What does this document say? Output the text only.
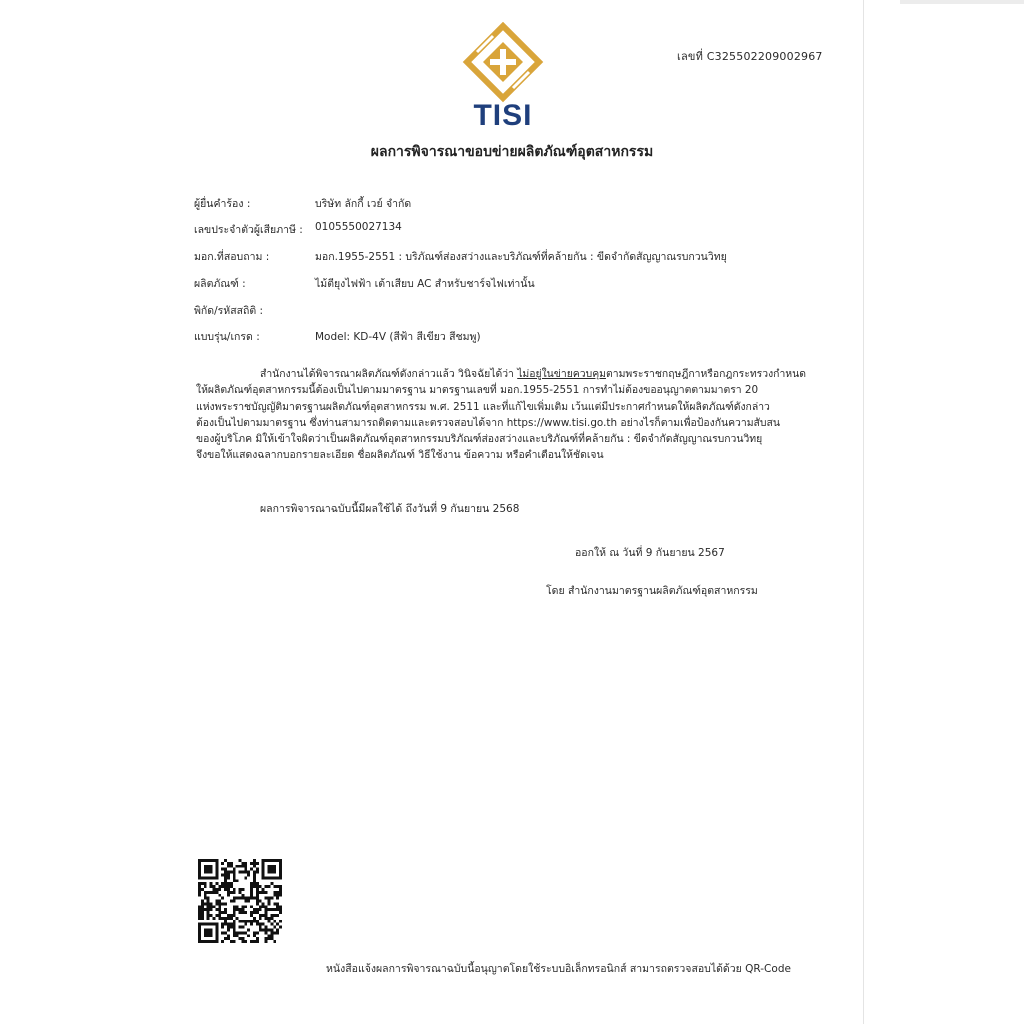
TISI
เลขที่ C325502209002967
ผลการพิจารณาขอบข่ายผลิตภัณฑ์อุตสาหกรรม
ผู้ยื่นคำร้อง :	บริษัท ลักกี้ เวย์ จำกัด
เลขประจำตัวผู้เสียภาษี : 0105550027134
มอก.ที่สอบถาม :	มอก.1955-2551 : บริภัณฑ์ส่องสว่างและบริภัณฑ์ที่คล้ายกัน : ขีดจำกัดสัญญาณรบกวนวิทยุ
ผลิตภัณฑ์ :	ไม้ตียุงไฟฟ้า เต้าเสียบ AC สำหรับชาร์จไฟเท่านั้น
พิกัด/รหัสสถิติ :
แบบรุ่น/เกรด :	Model: KD-4V (สีฟ้า สีเขียว สีชมพู)
สำนักงานได้พิจารณาผลิตภัณฑ์ดังกล่าวแล้ว วินิจฉัยได้ว่า ไม่อยู่ในข่ายควบคุมตามพระราชกฤษฎีกาหรือกฎกระทรวงกำหนด
ให้ผลิตภัณฑ์อุตสาหกรรมนี้ต้องเป็นไปตามมาตรฐาน มาตรฐานเลขที่ มอก.1955-2551 การทำไม่ต้องขออนุญาตตามมาตรา 20
แห่งพระราชบัญญัติมาตรฐานผลิตภัณฑ์อุตสาหกรรม พ.ศ. 2511 และที่แก้ไขเพิ่มเติม เว้นแต่มีประกาศกำหนดให้ผลิตภัณฑ์ดังกล่าว
ต้องเป็นไปตามมาตรฐาน ซึ่งท่านสามารถติดตามและตรวจสอบได้จาก https://www.tisi.go.th อย่างไรก็ตามเพื่อป้องกันความสับสน
ของผู้บริโภค มิให้เข้าใจผิดว่าเป็นผลิตภัณฑ์อุตสาหกรรมบริภัณฑ์ส่องสว่างและบริภัณฑ์ที่คล้ายกัน : ขีดจำกัดสัญญาณรบกวนวิทยุ
จึงขอให้แสดงฉลากบอกรายละเอียด ชื่อผลิตภัณฑ์ วิธีใช้งาน ข้อความ หรือคำเตือนให้ชัดเจน
ผลการพิจารณาฉบับนี้มีผลใช้ได้ ถึงวันที่ 9 กันยายน 2568
ออกให้ ณ วันที่ 9 กันยายน 2567
โดย สำนักงานมาตรฐานผลิตภัณฑ์อุตสาหกรรม
หนังสือแจ้งผลการพิจารณาฉบับนี้อนุญาตโดยใช้ระบบอิเล็กทรอนิกส์ สามารถตรวจสอบได้ด้วย QR-Code
